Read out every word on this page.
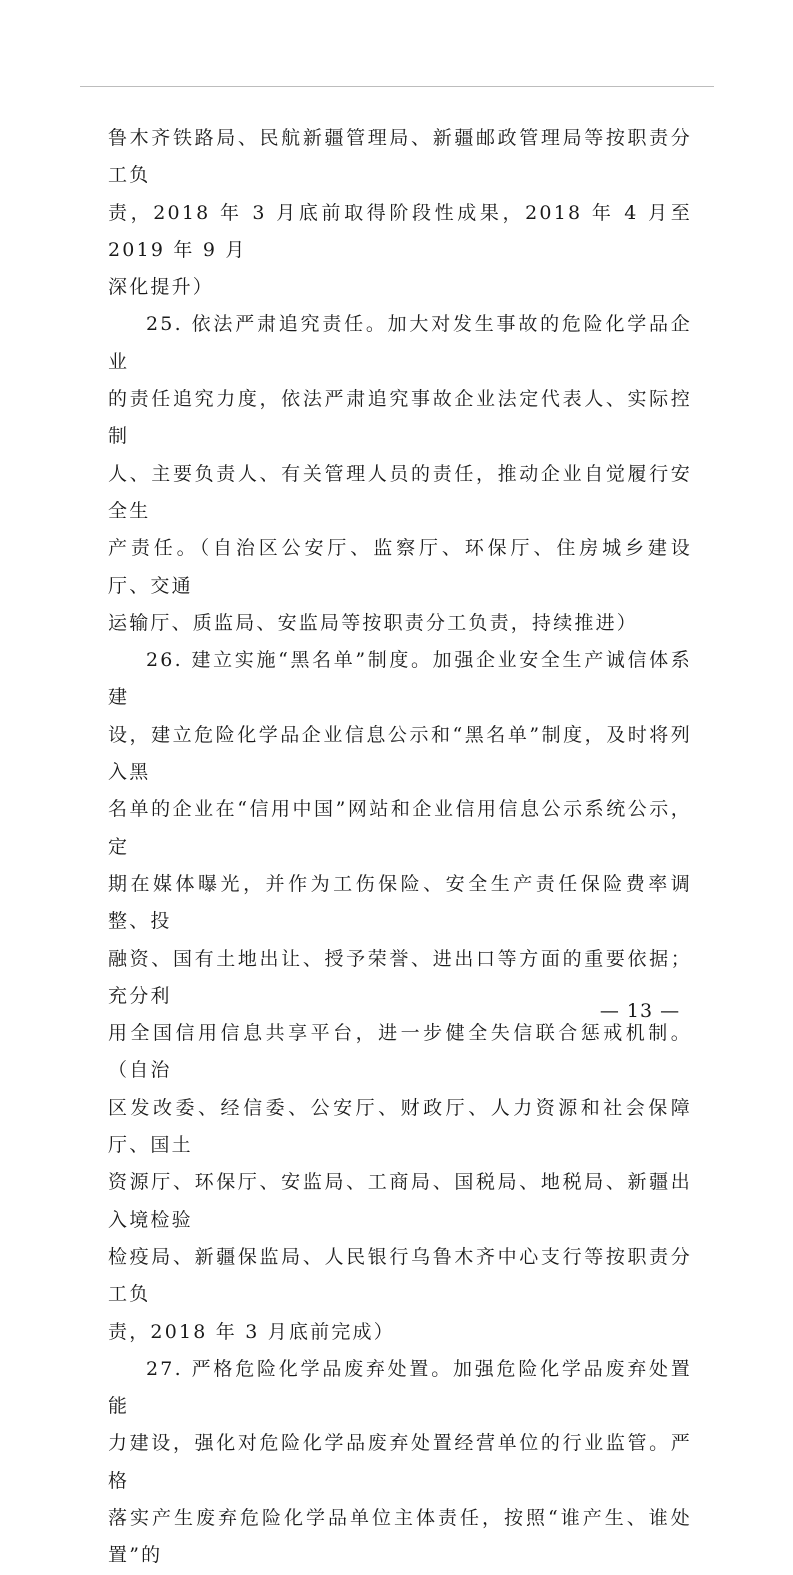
鲁木齐铁路局、民航新疆管理局、新疆邮政管理局等按职责分工负
责，2018 年 3 月底前取得阶段性成果，2018 年 4 月至 2019 年 9 月
深化提升）

25. 依法严肃追究责任。加大对发生事故的危险化学品企业
的责任追究力度，依法严肃追究事故企业法定代表人、实际控制
人、主要负责人、有关管理人员的责任，推动企业自觉履行安全生
产责任。（自治区公安厅、监察厅、环保厅、住房城乡建设厅、交通
运输厅、质监局、安监局等按职责分工负责，持续推进）

26. 建立实施“黑名单”制度。加强企业安全生产诚信体系建
设，建立危险化学品企业信息公示和“黑名单”制度，及时将列入黑
名单的企业在“信用中国”网站和企业信用信息公示系统公示，定
期在媒体曝光，并作为工伤保险、安全生产责任保险费率调整、投
融资、国有土地出让、授予荣誉、进出口等方面的重要依据；充分利
用全国信用信息共享平台，进一步健全失信联合惩戒机制。（自治
区发改委、经信委、公安厅、财政厅、人力资源和社会保障厅、国土
资源厅、环保厅、安监局、工商局、国税局、地税局、新疆出入境检验
检疫局、新疆保监局、人民银行乌鲁木齐中心支行等按职责分工负
责，2018 年 3 月底前完成）

27. 严格危险化学品废弃处置。加强危险化学品废弃处置能
力建设，强化对危险化学品废弃处置经营单位的行业监管。严格
落实产生废弃危险化学品单位主体责任，按照“谁产生、谁处置”的

— 13 —
